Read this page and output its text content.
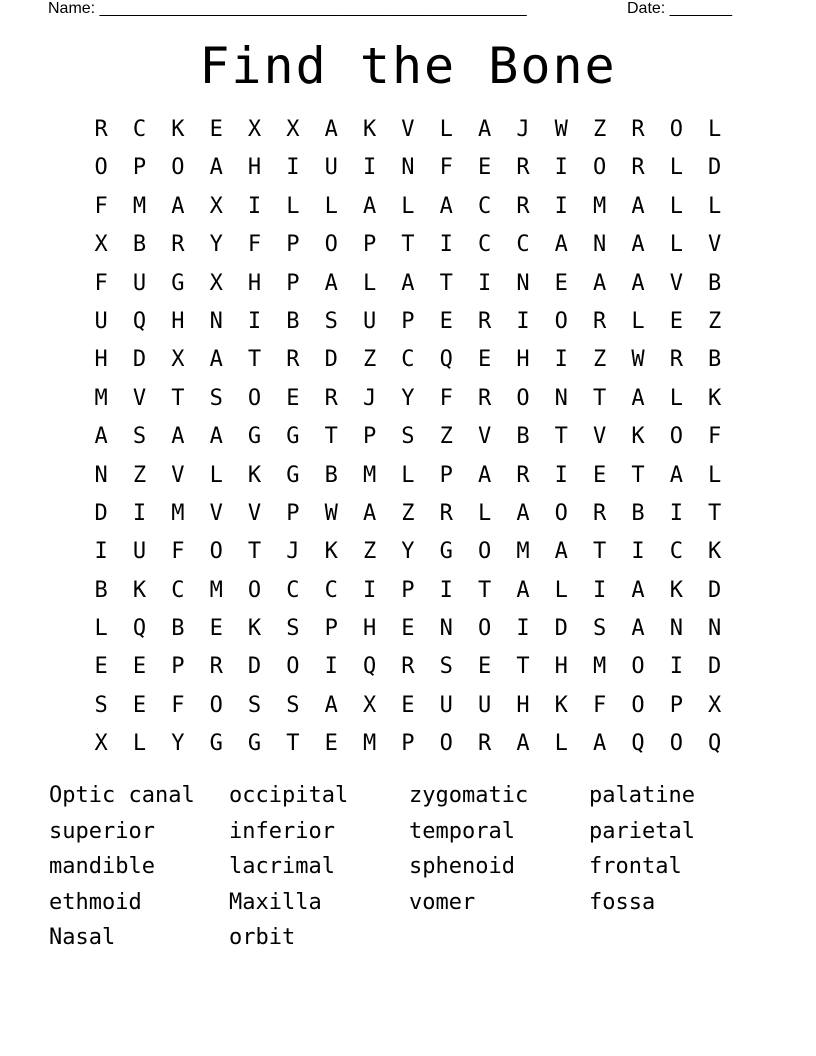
Name: ________________________________________________	Date: _______
Find the Bone
R	C	K	E	X	X	A	K	V	L	A	J	W	Z	R	O	L
O	P	O	A	H	I	U	I	N	F	E	R	I	O	R	L	D
F	M	A	X	I	L	L	A	L	A	C	R	I	M	A	L	L
X	B	R	Y	F	P	O	P	T	I	C	C	A	N	A	L	V
F	U	G	X	H	P	A	L	A	T	I	N	E	A	A	V	B
U	Q	H	N	I	B	S	U	P	E	R	I	O	R	L	E	Z
H	D	X	A	T	R	D	Z	C	Q	E	H	I	Z	W	R	B
M	V	T	S	O	E	R	J	Y	F	R	O	N	T	A	L	K
A	S	A	A	G	G	T	P	S	Z	V	B	T	V	K	O	F
N	Z	V	L	K	G	B	M	L	P	A	R	I	E	T	A	L
D	I	M	V	V	P	W	A	Z	R	L	A	O	R	B	I	T
I	U	F	O	T	J	K	Z	Y	G	O	M	A	T	I	C	K
B	K	C	M	O	C	C	I	P	I	T	A	L	I	A	K	D
L	Q	B	E	K	S	P	H	E	N	O	I	D	S	A	N	N
E	E	P	R	D	O	I	Q	R	S	E	T	H	M	O	I	D
S	E	F	O	S	S	A	X	E	U	U	H	K	F	O	P	X
X	L	Y	G	G	T	E	M	P	O	R	A	L	A	Q	O	Q
Optic canal	occipital	zygomatic	palatine
superior	inferior	temporal	parietal
mandible	lacrimal	sphenoid	frontal
ethmoid	Maxilla	vomer	fossa
Nasal	orbit
